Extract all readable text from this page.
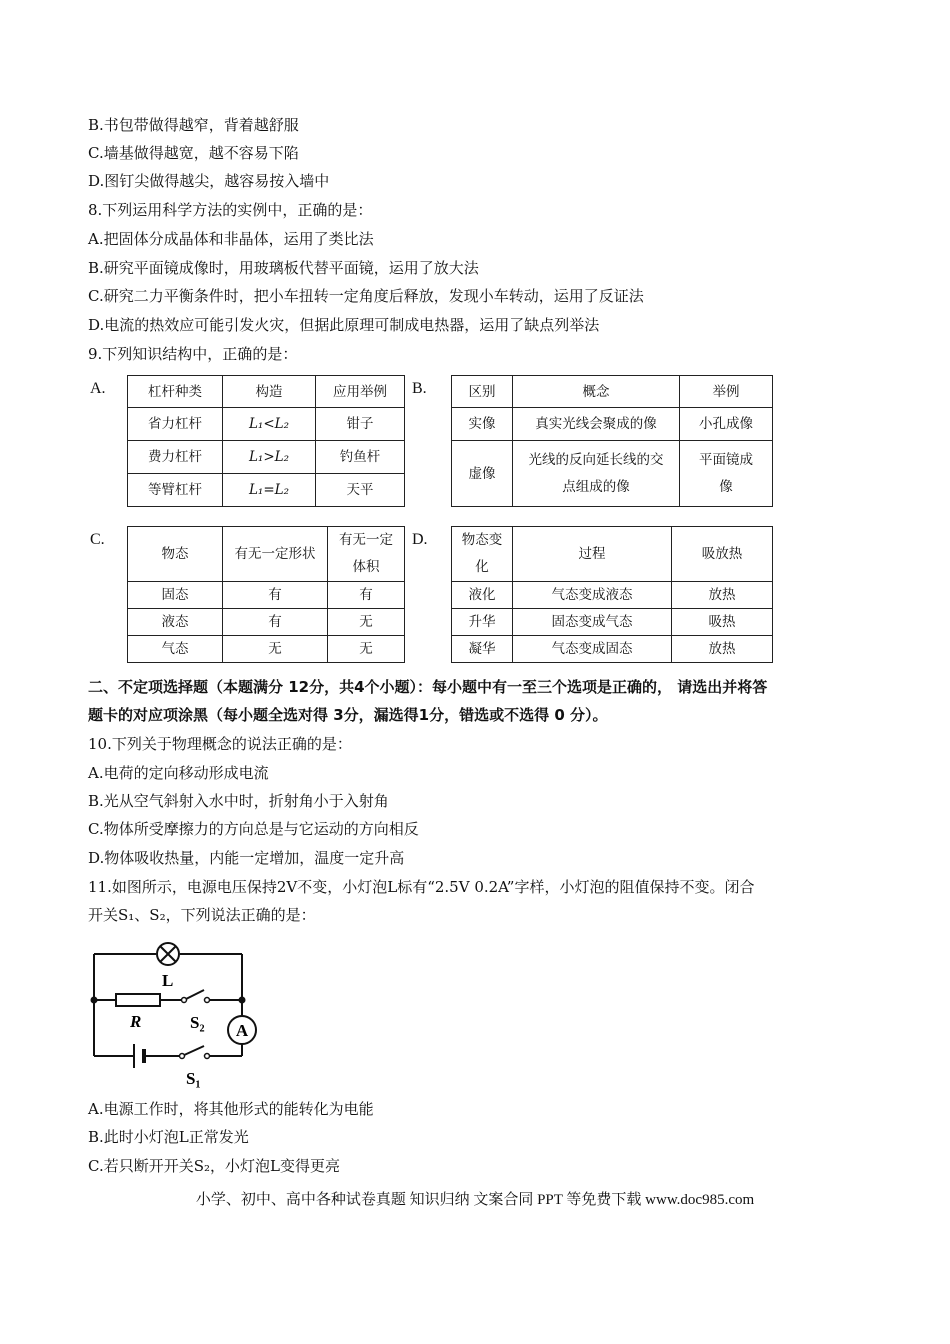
B.书包带做得越窄，背着越舒服
C.墙基做得越宽，越不容易下陷
D.图钉尖做得越尖，越容易按入墙中
8.下列运用科学方法的实例中，正确的是：
A.把固体分成晶体和非晶体，运用了类比法
B.研究平面镜成像时，用玻璃板代替平面镜，运用了放大法
C.研究二力平衡条件时，把小车扭转一定角度后释放，发现小车转动，运用了反证法
D.电流的热效应可能引发火灾，但据此原理可制成电热器，运用了缺点列举法
9.下列知识结构中，正确的是：
A.	杠杆种类	构造	应用举例
省力杠杆	L₁<L₂	钳子
费力杠杆	L₁>L₂	钓鱼杆
等臂杠杆	L₁=L₂	天平
B.	区别	概念	举例
实像	真实光线会聚成的像	小孔成像
虚像	光线的反向延长线的交点组成的像	平面镜成像
C.
物态	有无一定形状	有无一定体积
固态	有	有
液态	有	无
气态	无	无
D.	物态变化	过程	吸放热
液化	气态变成液态	放热
升华	固态变成气态	吸热
凝华	气态变成固态	放热
二、不定项选择题（本题满分 12分，共4个小题）：每小题中有一至三个选项是正确的， 请选出并将答
题卡的对应项涂黑（每小题全选对得 3分，漏选得1分，错选或不选得 0 分）。
10.下列关于物理概念的说法正确的是：
A.电荷的定向移动形成电流
B.光从空气斜射入水中时，折射角小于入射角
C.物体所受摩擦力的方向总是与它运动的方向相反
D.物体吸收热量，内能一定增加，温度一定升高
11.如图所示，电源电压保持2V不变，小灯泡L标有“2.5V 0.2A”字样，小灯泡的阻值保持不变。闭合
开关S₁、S₂，下列说法正确的是：
A
L
R	S₂
S₁
A.电源工作时，将其他形式的能转化为电能
B.此时小灯泡L正常发光
C.若只断开开关S₂，小灯泡L变得更亮
小学、初中、高中各种试卷真题 知识归纳 文案合同 PPT 等免费下载 www.doc985.com
